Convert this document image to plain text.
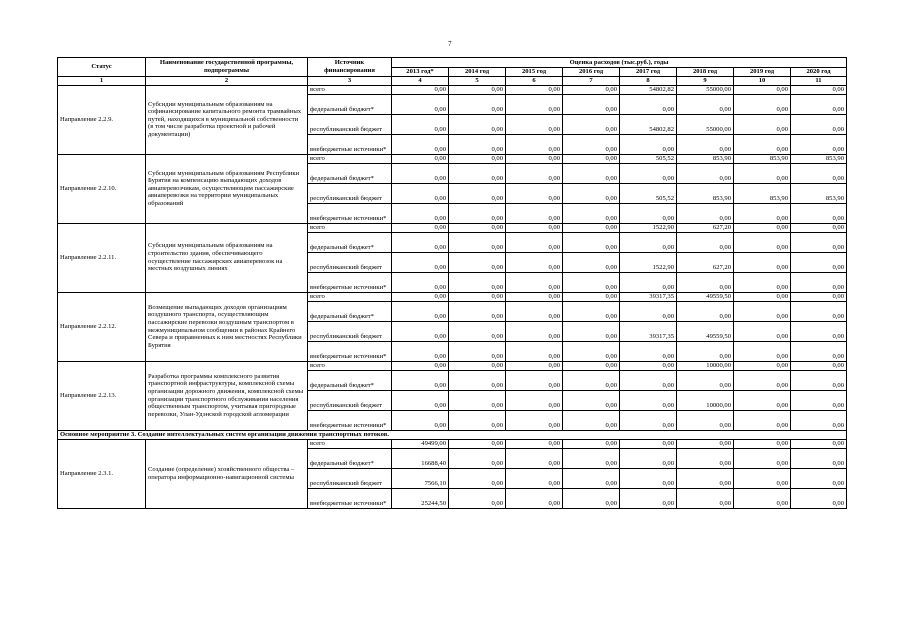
7
Статус	Наименование государственной программы, подпрограммы	Источник финансирования	Оценка расходов (тыс.руб.), годы							
			2013 год*	2014 год	2015 год	2016 год	2017 год	2018 год	2019 год	2020 год
1	2	3	4	5	6	7	8	9	10	11
Направление 2.2.9.	Субсидии муниципальным образованиям на софинансирование капитального ремонта трамвайных путей, находящихся в муниципальной собственности (в том числе разработка проектной и рабочей документации)	всего	0,00	0,00	0,00	0,00	54802,82	55000,00	0,00	0,00
		федеральный бюджет*	0,00	0,00	0,00	0,00	0,00	0,00	0,00	0,00
		республиканский бюджет	0,00	0,00	0,00	0,00	54802,82	55000,00	0,00	0,00
		внебюджетные источники*	0,00	0,00	0,00	0,00	0,00	0,00	0,00	0,00
Направление 2.2.10.	Субсидии муниципальным образованиям Республики Бурятия на компенсацию выпадающих доходов авиаперевозчикам, осуществляющим пассажирские авиаперевозки на территории муниципальных образований	всего	0,00	0,00	0,00	0,00	505,52	853,90	853,90	853,90
		федеральный бюджет*	0,00	0,00	0,00	0,00	0,00	0,00	0,00	0,00
		республиканский бюджет	0,00	0,00	0,00	0,00	505,52	853,90	853,90	853,90
		внебюджетные источники*	0,00	0,00	0,00	0,00	0,00	0,00	0,00	0,00
Направление 2.2.11.	Субсидии муниципальным образованиям на строительство здания, обеспечивающего осуществление пассажирских авиаперевозок на местных воздушных линиях	всего	0,00	0,00	0,00	0,00	1522,90	627,20	0,00	0,00
		федеральный бюджет*	0,00	0,00	0,00	0,00	0,00	0,00	0,00	0,00
		республиканский бюджет	0,00	0,00	0,00	0,00	1522,90	627,20	0,00	0,00
		внебюджетные источники*	0,00	0,00	0,00	0,00	0,00	0,00	0,00	0,00
Направление 2.2.12.	Возмещение выпадающих доходов организациям воздушного транспорта, осуществляющим пассажирские перевозки воздушным транспортом в межмуниципальном сообщении в районах Крайнего Севера и приравненных к ним местностях Республики Бурятия	всего	0,00	0,00	0,00	0,00	39317,35	49559,50	0,00	0,00
		федеральный бюджет*	0,00	0,00	0,00	0,00	0,00	0,00	0,00	0,00
		республиканский бюджет	0,00	0,00	0,00	0,00	39317,35	49559,50	0,00	0,00
		внебюджетные источники*	0,00	0,00	0,00	0,00	0,00	0,00	0,00	0,00
Направление 2.2.13.	Разработка программы комплексного развития транспортной инфраструктуры, комплексной схемы организации дорожного движения, комплексной схемы организации транспортного обслуживания населения общественным транспортом, учитывая пригородные перевозки, Улан-Удэнской городской агломерации	всего	0,00	0,00	0,00	0,00	0,00	10000,00	0,00	0,00
		федеральный бюджет*	0,00	0,00	0,00	0,00	0,00	0,00	0,00	0,00
		республиканский бюджет	0,00	0,00	0,00	0,00	0,00	10000,00	0,00	0,00
		внебюджетные источники*	0,00	0,00	0,00	0,00	0,00	0,00	0,00	0,00
Основное мероприятие 3. Создание интеллектуальных систем организации движения транспортных потоков.										
Направление 2.3.1.	Создание (определение) хозяйственного общества – оператора информационно-навигационной системы	всего	49499,00	0,00	0,00	0,00	0,00	0,00	0,00	0,00
		федеральный бюджет*	16688,40	0,00	0,00	0,00	0,00	0,00	0,00	0,00
		республиканский бюджет	7566,10	0,00	0,00	0,00	0,00	0,00	0,00	0,00
		внебюджетные источники*	25244,50	0,00	0,00	0,00	0,00	0,00	0,00	0,00
